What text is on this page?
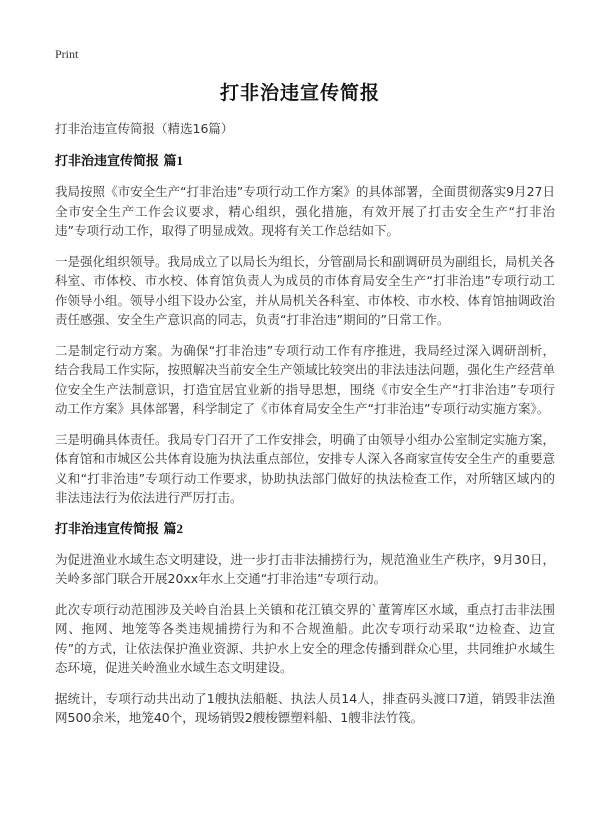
Print
打非治违宣传简报

打非治违宣传简报（精选16篇）

打非治违宣传简报 篇1

我局按照《市安全生产“打非治违”专项行动工作方案》的具体部署，全面贯彻落实9月27日全市安全生产工作会议要求，精心组织，强化措施，有效开展了打击安全生产“打非治违”专项行动工作，取得了明显成效。现将有关工作总结如下。

一是强化组织领导。我局成立了以局长为组长，分管副局长和副调研员为副组长，局机关各科室、市体校、市水校、体育馆负责人为成员的市体育局安全生产“打非治违”专项行动工作领导小组。领导小组下设办公室，并从局机关各科室、市体校、市水校、体育馆抽调政治责任感强、安全生产意识高的同志，负责“打非治违”期间的”日常工作。

二是制定行动方案。为确保“打非治违”专项行动工作有序推进，我局经过深入调研剖析，结合我局工作实际，按照解决当前安全生产领域比较突出的非法违法问题，强化生产经营单位安全生产法制意识，打造宜居宜业新的指导思想，围绕《市安全生产“打非治违”专项行动工作方案》具体部署，科学制定了《市体育局安全生产“打非治违”专项行动实施方案》。

三是明确具体责任。我局专门召开了工作安排会，明确了由领导小组办公室制定实施方案，体育馆和市城区公共体育设施为执法重点部位，安排专人深入各商家宣传安全生产的重要意义和“打非治违”专项行动工作要求，协助执法部门做好的执法检查工作，对所辖区域内的非法违法行为依法进行严厉打击。

打非治违宣传简报 篇2

为促进渔业水域生态文明建设，进一步打击非法捕捞行为，规范渔业生产秩序，9月30日，关岭多部门联合开展20xx年水上交通“打非治违”专项行动。

此次专项行动范围涉及关岭自治县上关镇和花江镇交界的`董箐库区水域，重点打击非法围网、拖网、地笼等各类违规捕捞行为和不合规渔船。此次专项行动采取“边检查、边宣传”的方式，让依法保护渔业资源、共护水上安全的理念传播到群众心里，共同维护水域生态环境，促进关岭渔业水域生态文明建设。

据统计，专项行动共出动了1艘执法船艇、执法人员14人，排查码头渡口7道，销毁非法渔网500余米，地笼40个，现场销毁2艘梭镖塑料船、1艘非法竹筏。
